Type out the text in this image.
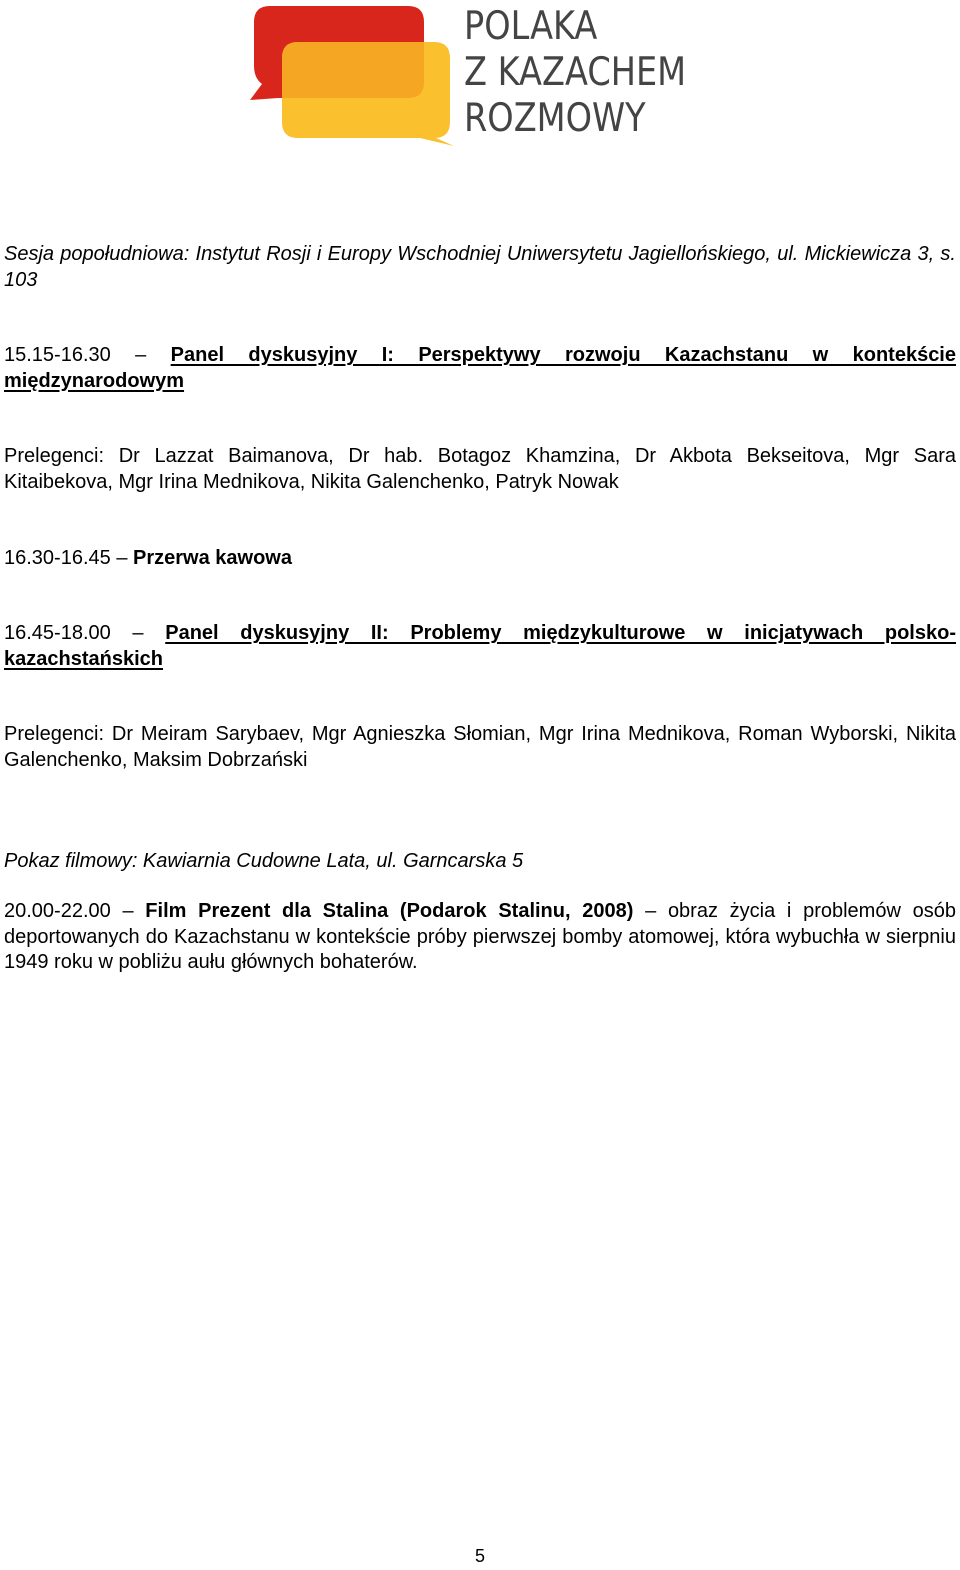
POLAKA
Z KAZACHEM
ROZMOWY

Sesja popołudniowa: Instytut Rosji i Europy Wschodniej Uniwersytetu Jagiellońskiego, ul. Mickiewicza 3, s. 103

15.15-16.30 – Panel dyskusyjny I: Perspektywy rozwoju Kazachstanu w kontekście międzynarodowym

Prelegenci: Dr Lazzat Baimanova, Dr hab. Botagoz Khamzina, Dr Akbota Bekseitova, Mgr Sara Kitaibekova, Mgr Irina Mednikova, Nikita Galenchenko, Patryk Nowak

16.30-16.45 – Przerwa kawowa

16.45-18.00 – Panel dyskusyjny II: Problemy międzykulturowe w inicjatywach polsko-kazachstańskich

Prelegenci: Dr Meiram Sarybaev, Mgr Agnieszka Słomian, Mgr Irina Mednikova, Roman Wyborski, Nikita Galenchenko, Maksim Dobrzański

Pokaz filmowy: Kawiarnia Cudowne Lata, ul. Garncarska 5

20.00-22.00 – Film Prezent dla Stalina (Podarok Stalinu, 2008) – obraz życia i problemów osób deportowanych do Kazachstanu w kontekście próby pierwszej bomby atomowej, która wybuchła w sierpniu 1949 roku w pobliżu aułu głównych bohaterów.

5
